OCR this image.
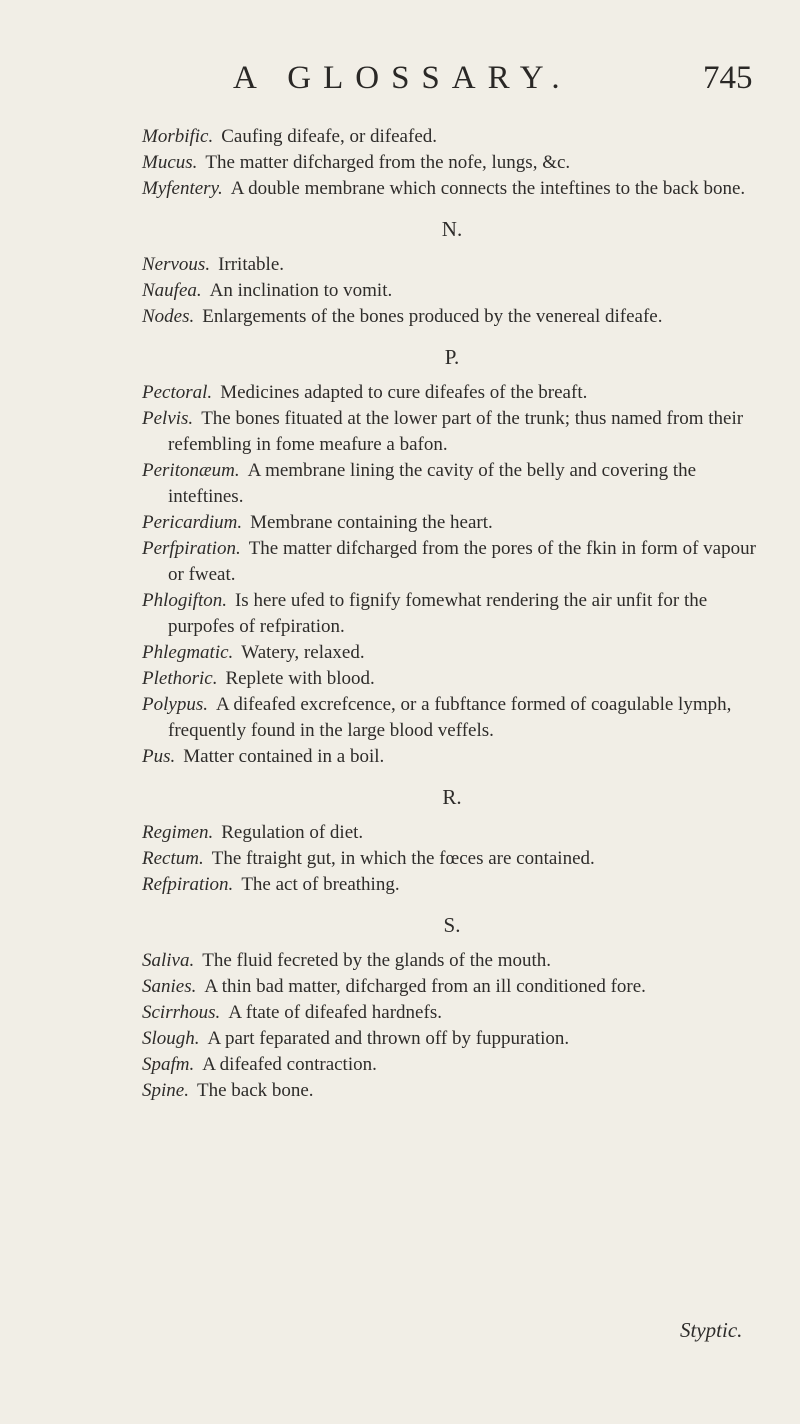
A GLOSSARY.	745

Morbific. Caufing difeafe, or difeafed.

Mucus. The matter difcharged from the nofe, lungs, &c.

Myfentery. A double membrane which connects the inteftines to the back bone.

N.

Nervous. Irritable.

Naufea. An inclination to vomit.

Nodes. Enlargements of the bones produced by the venereal difeafe.

P.

Pectoral. Medicines adapted to cure difeafes of the breaft.

Pelvis. The bones fituated at the lower part of the trunk; thus named from their refembling in fome meafure a bafon.

Peritonæum. A membrane lining the cavity of the belly and covering the inteftines.

Pericardium. Membrane containing the heart.

Perfpiration. The matter difcharged from the pores of the fkin in form of vapour or fweat.

Phlogifton. Is here ufed to fignify fomewhat rendering the air unfit for the purpofes of refpiration.

Phlegmatic. Watery, relaxed.

Plethoric. Replete with blood.

Polypus. A difeafed excrefcence, or a fubftance formed of coagulable lymph, frequently found in the large blood veffels.

Pus. Matter contained in a boil.

R.

Regimen. Regulation of diet.

Rectum. The ftraight gut, in which the fœces are contained.

Refpiration. The act of breathing.

S.

Saliva. The fluid fecreted by the glands of the mouth.

Sanies. A thin bad matter, difcharged from an ill conditioned fore.

Scirrhous. A ftate of difeafed hardnefs.

Slough. A part feparated and thrown off by fuppuration.

Spafm. A difeafed contraction.

Spine. The back bone.

Styptic.
